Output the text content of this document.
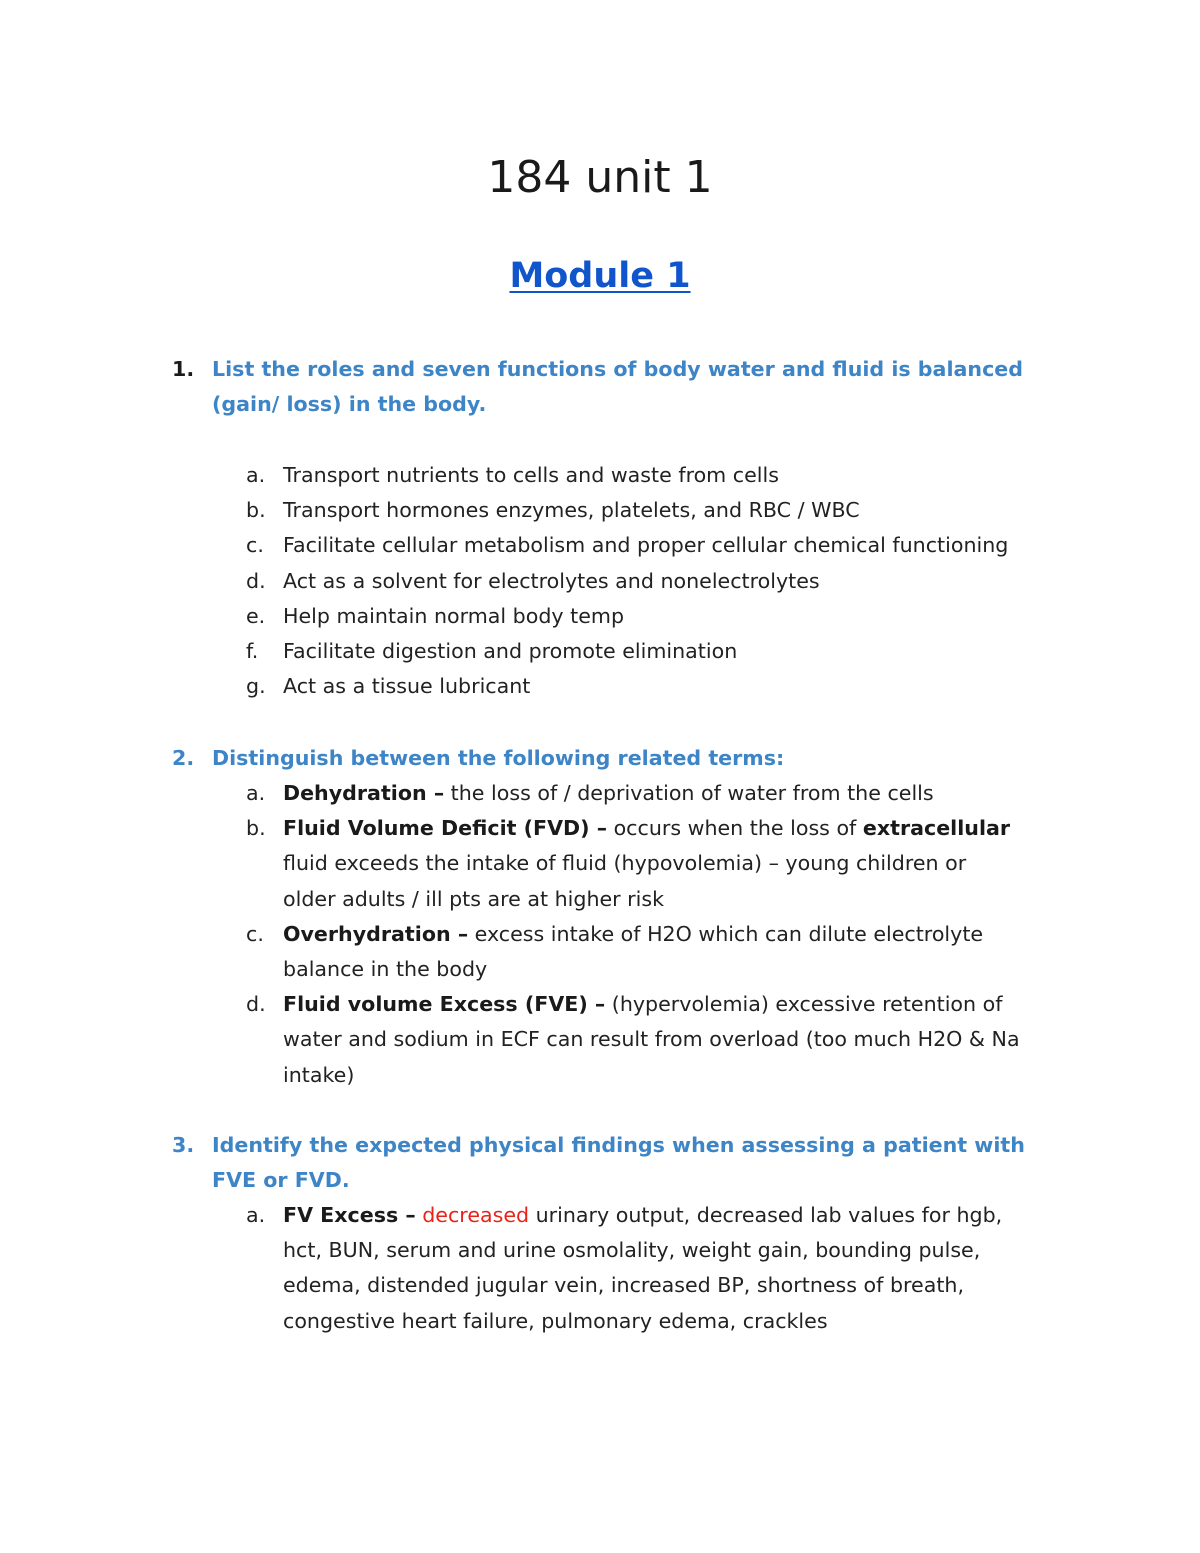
184 unit 1
Module 1
1. List the roles and seven functions of body water and fluid is balanced
(gain/ loss) in the body.
a. Transport nutrients to cells and waste from cells
b. Transport hormones enzymes, platelets, and RBC / WBC
c. Facilitate cellular metabolism and proper cellular chemical functioning
d. Act as a solvent for electrolytes and nonelectrolytes
e. Help maintain normal body temp
f. Facilitate digestion and promote elimination
g. Act as a tissue lubricant
2. Distinguish between the following related terms:
a. Dehydration – the loss of / deprivation of water from the cells
b. Fluid Volume Deficit (FVD) – occurs when the loss of extracellular
fluid exceeds the intake of fluid (hypovolemia) – young children or
older adults / ill pts are at higher risk
c. Overhydration – excess intake of H2O which can dilute electrolyte
balance in the body
d. Fluid volume Excess (FVE) – (hypervolemia) excessive retention of
water and sodium in ECF can result from overload (too much H2O & Na
intake)
3. Identify the expected physical findings when assessing a patient with
FVE or FVD.
a. FV Excess – decreased urinary output, decreased lab values for hgb,
hct, BUN, serum and urine osmolality, weight gain, bounding pulse,
edema, distended jugular vein, increased BP, shortness of breath,
congestive heart failure, pulmonary edema, crackles
